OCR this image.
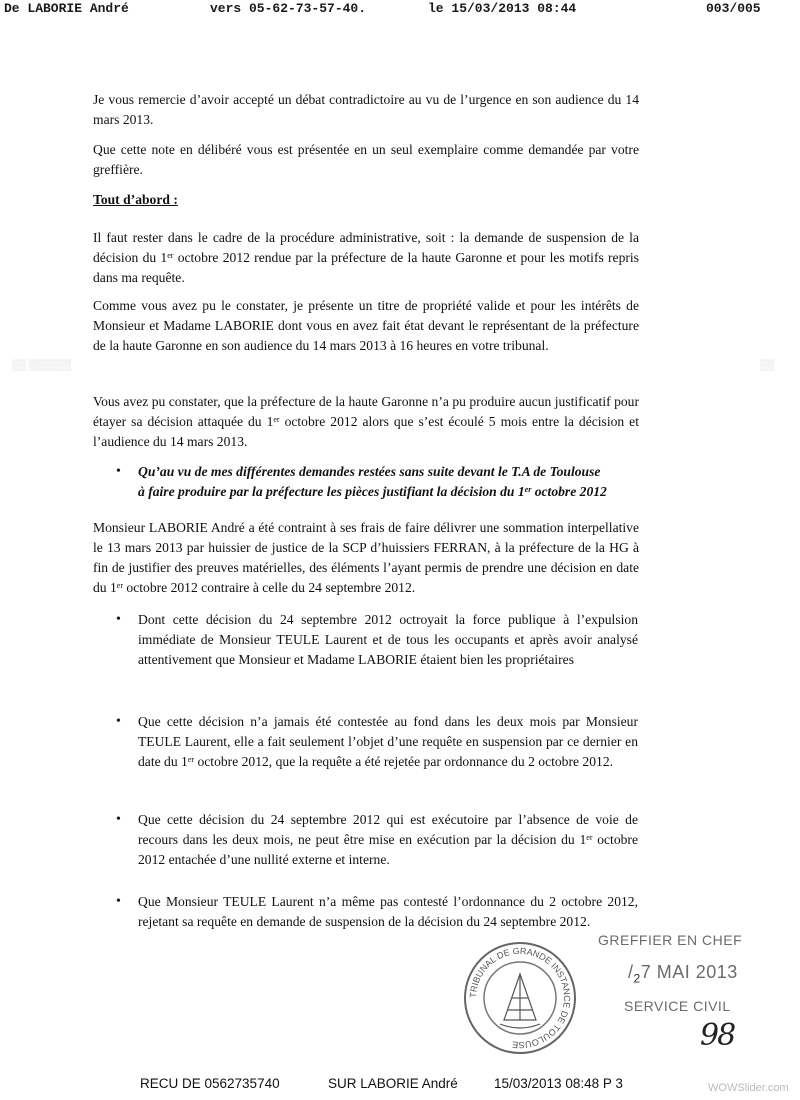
De LABORIE André	vers 05-62-73-57-40.	le 15/03/2013 08:44	003/005
▒▒ ▒▒▒▒▒▒	▒▒

Je vous remercie d’avoir accepté un débat contradictoire au vu de l’urgence en son audience du 14 mars 2013.

Que cette note en délibéré vous est présentée en un seul exemplaire comme demandée par votre greffière.

Tout d’abord :

Il faut rester dans le cadre de la procédure administrative, soit : la demande de suspension de la décision du 1er octobre 2012 rendue par la préfecture de la haute Garonne et pour les motifs repris dans ma requête.

Comme vous avez pu le constater, je présente un titre de propriété valide et pour les intérêts de Monsieur et Madame LABORIE dont vous en avez fait état devant le représentant de la préfecture de la haute Garonne en son audience du 14 mars 2013 à 16 heures en votre tribunal.

Vous avez pu constater, que la préfecture de la haute Garonne n’a pu produire aucun justificatif pour étayer sa décision attaquée du 1er octobre 2012 alors que s’est écoulé 5 mois entre la décision et l’audience du 14 mars 2013.

• Qu’au vu de mes différentes demandes restées sans suite devant le T.A de Toulouse

à faire produire par la préfecture les pièces justifiant la décision du 1er octobre 2012

Monsieur LABORIE André a été contraint à ses frais de faire délivrer une sommation interpellative le 13 mars 2013 par huissier de justice de la SCP d’huissiers FERRAN, à la préfecture de la HG à fin de justifier des preuves matérielles, des éléments l’ayant permis de prendre une décision en date du 1er octobre 2012 contraire à celle du 24 septembre 2012.

• Dont cette décision du 24 septembre 2012 octroyait la force publique à l’expulsion immédiate de Monsieur TEULE Laurent et de tous les occupants et après avoir analysé attentivement que Monsieur et Madame LABORIE étaient bien les propriétaires

• Que cette décision n’a jamais été contestée au fond dans les deux mois par Monsieur TEULE Laurent, elle a fait seulement l’objet d’une requête en suspension par ce dernier en date du 1er octobre 2012, que la requête a été rejetée par ordonnance du 2 octobre 2012.

• Que cette décision du 24 septembre 2012 qui est exécutoire par l’absence de voie de recours dans les deux mois, ne peut être mise en exécution par la décision du 1er octobre 2012 entachée d’une nullité externe et interne.

• Que Monsieur TEULE Laurent n’a même pas contesté l’ordonnance du 2 octobre 2012, rejetant sa requête en demande de suspension de la décision du 24 septembre 2012.

TRIBUNAL DE GRANDE INSTANCE DE TOULOUSE
GREFFIER EN CHEF
$/_27$ MAI 2013
SERVICE CIVIL
98
RECU DE 0562735740	SUR LABORIE André	15/03/2013 08:48 P 3	WOWSlider.com
